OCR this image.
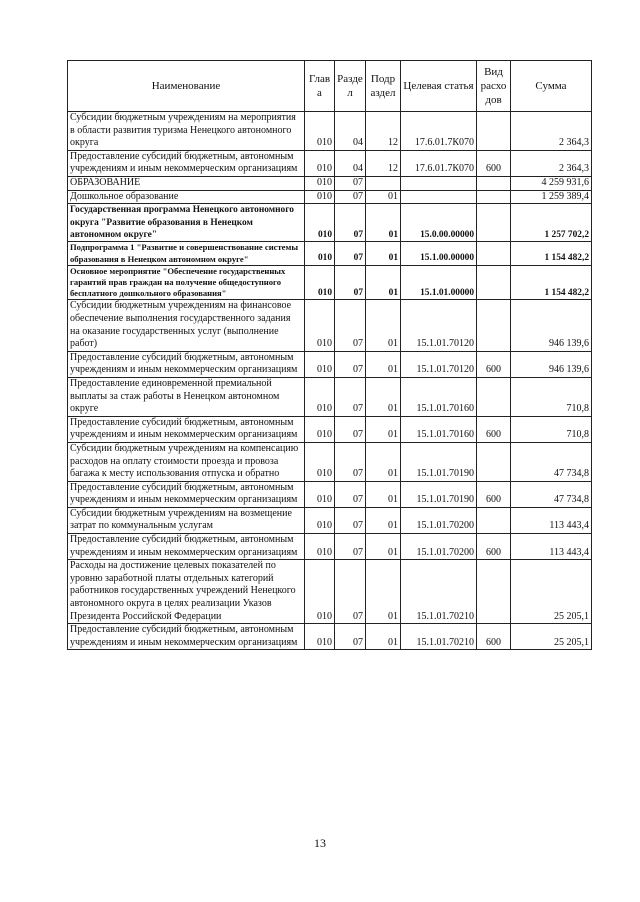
Наименование	Глав а	Разде л	Подр аздел	Целевая статья	Вид расхо дов	Сумма
Субсидии бюджетным учреждениям на мероприятия в области развития туризма Ненецкого автономного округа	010	04	12	17.6.01.7К070		2 364,3
Предоставление субсидий бюджетным, автономным учреждениям и иным некоммерческим организациям	010	04	12	17.6.01.7К070	600	2 364,3
ОБРАЗОВАНИЕ	010	07				4 259 931,6
Дошкольное образование	010	07	01			1 259 389,4
Государственная программа Ненецкого автономного округа "Развитие образования в Ненецком автономном округе"	010	07	01	15.0.00.00000		1 257 702,2
Подпрограмма 1 "Развитие и совершенствование системы образования в Ненецком автономном округе"	010	07	01	15.1.00.00000		1 154 482,2
Основное мероприятие "Обеспечение государственных гарантий прав граждан на получение общедоступного бесплатного дошкольного образования"	010	07	01	15.1.01.00000		1 154 482,2
Субсидии бюджетным учреждениям на финансовое обеспечение выполнения государственного задания на оказание государственных услуг (выполнение работ)	010	07	01	15.1.01.70120		946 139,6
Предоставление субсидий бюджетным, автономным учреждениям и иным некоммерческим организациям	010	07	01	15.1.01.70120	600	946 139,6
Предоставление единовременной премиальной выплаты за стаж работы в Ненецком автономном округе	010	07	01	15.1.01.70160		710,8
Предоставление субсидий бюджетным, автономным учреждениям и иным некоммерческим организациям	010	07	01	15.1.01.70160	600	710,8
Субсидии бюджетным учреждениям на компенсацию расходов на оплату стоимости проезда и провоза багажа к месту использования отпуска и обратно	010	07	01	15.1.01.70190		47 734,8
Предоставление субсидий бюджетным, автономным учреждениям и иным некоммерческим организациям	010	07	01	15.1.01.70190	600	47 734,8
Субсидии бюджетным учреждениям на возмещение затрат по коммунальным услугам	010	07	01	15.1.01.70200		113 443,4
Предоставление субсидий бюджетным, автономным учреждениям и иным некоммерческим организациям	010	07	01	15.1.01.70200	600	113 443,4
Расходы на достижение целевых показателей по уровню заработной платы отдельных категорий работников государственных учреждений Ненецкого автономного округа в целях реализации Указов Президента Российской Федерации	010	07	01	15.1.01.70210		25 205,1
Предоставление субсидий бюджетным, автономным учреждениям и иным некоммерческим организациям	010	07	01	15.1.01.70210	600	25 205,1
13
